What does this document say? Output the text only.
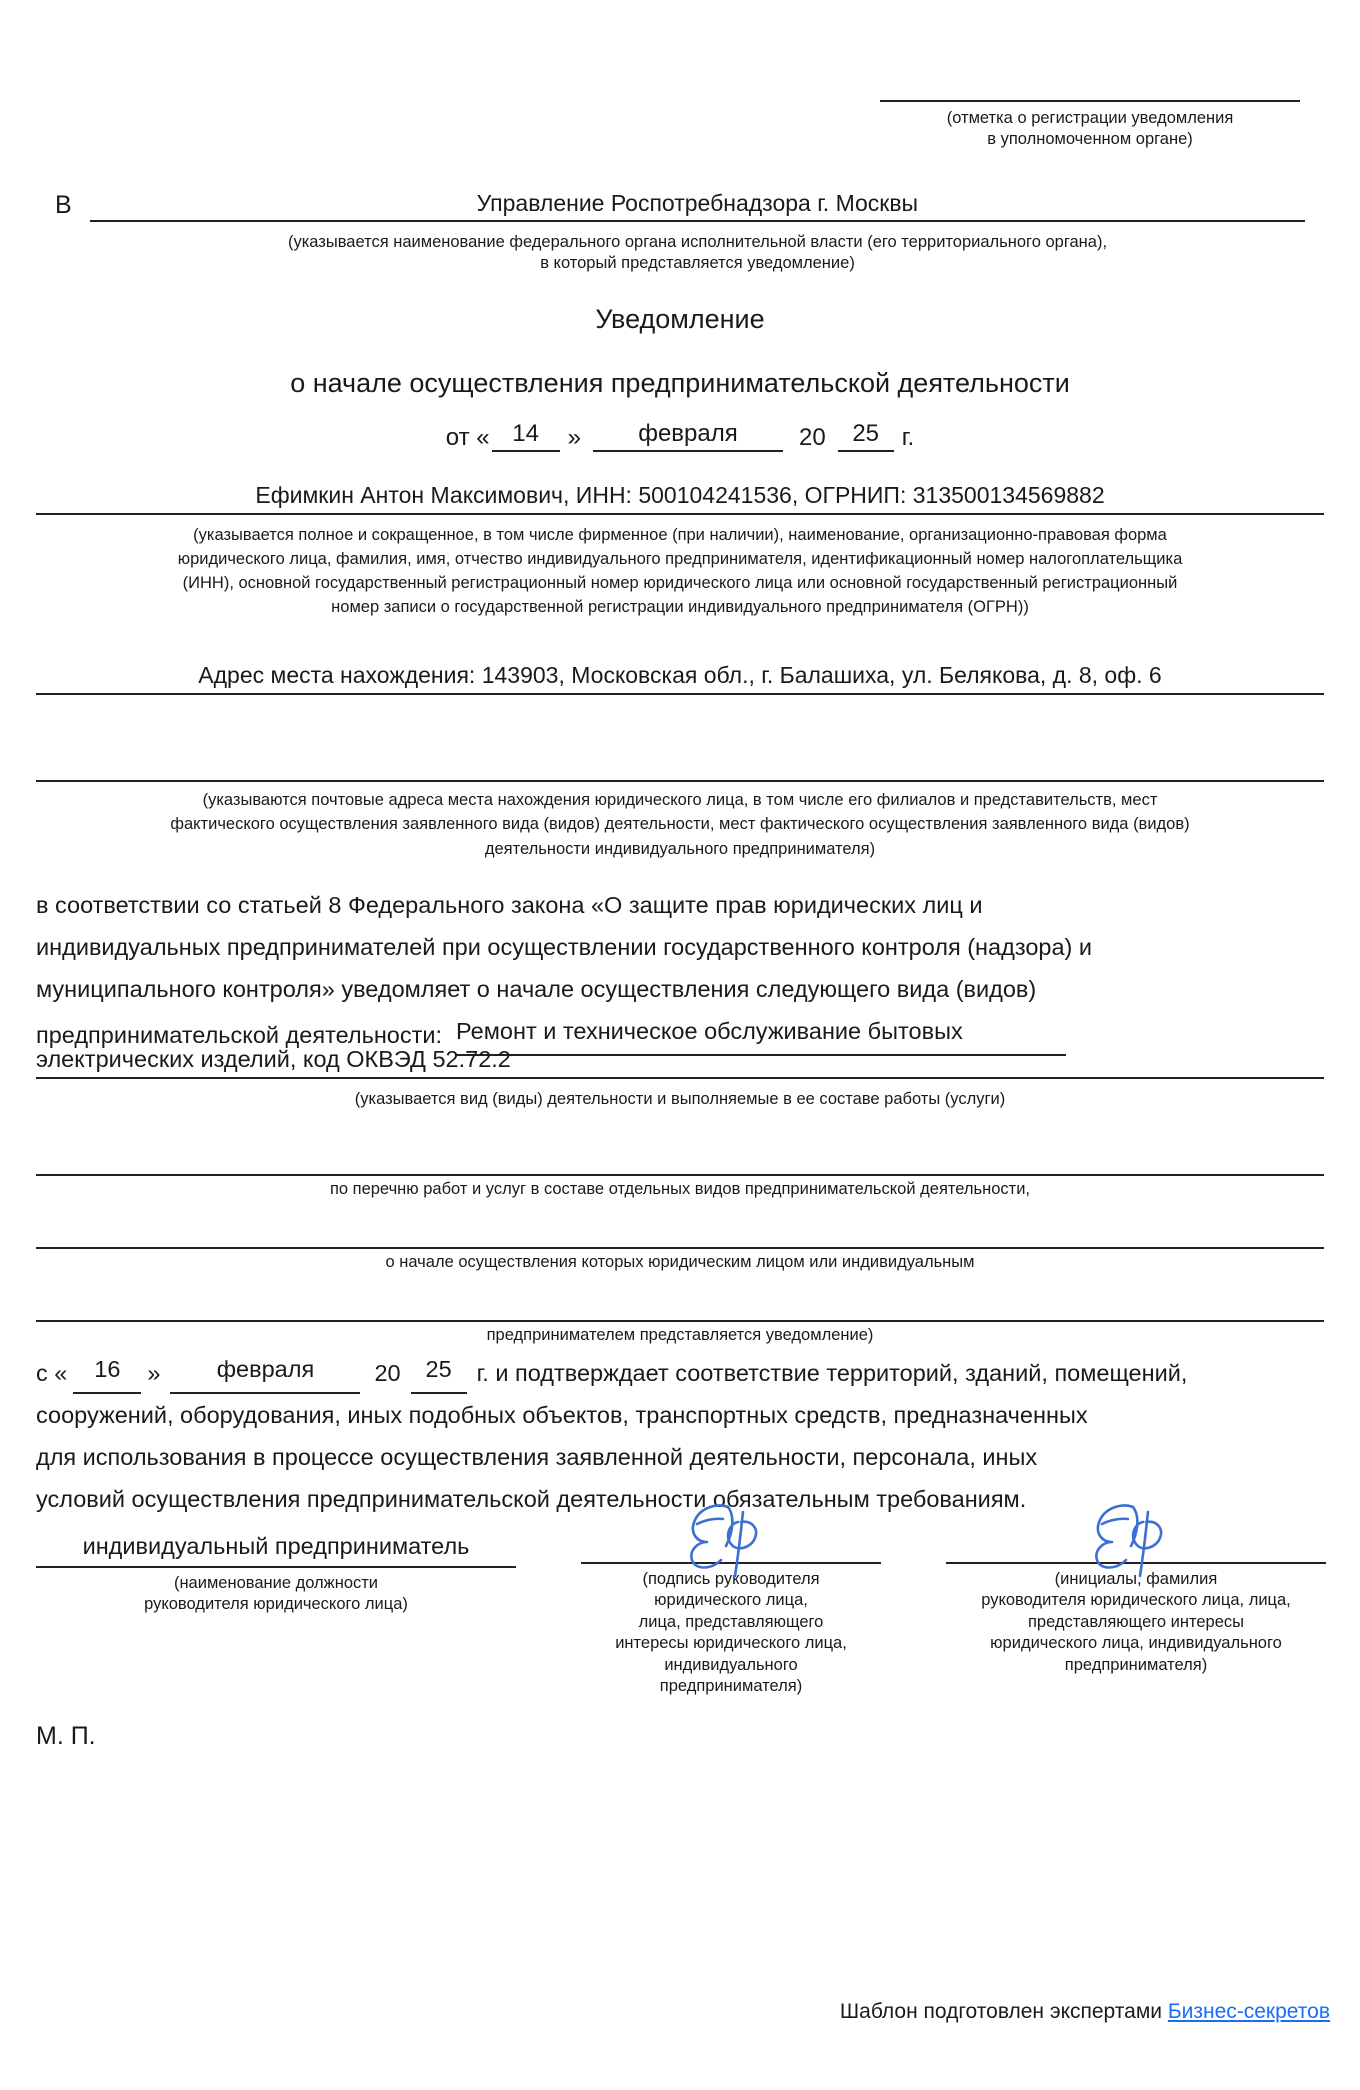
(отметка о регистрации уведомления
в уполномоченном органе)
В	Управление Роспотребнадзора г. Москвы
(указывается наименование федерального органа исполнительной власти (его территориального органа),
в который представляется уведомление)
Уведомление
о начале осуществления предпринимательской деятельности
от « 14	»	февраля	20	25 г.
Ефимкин Антон Максимович, ИНН: 500104241536, ОГРНИП: 313500134569882
(указывается полное и сокращенное, в том числе фирменное (при наличии), наименование, организационно-правовая форма
юридического лица, фамилия, имя, отчество индивидуального предпринимателя, идентификационный номер налогоплательщика
(ИНН), основной государственный регистрационный номер юридического лица или основной государственный регистрационный
номер записи о государственной регистрации индивидуального предпринимателя (ОГРН))
Адрес места нахождения: 143903, Московская обл., г. Балашиха, ул. Белякова, д. 8, оф. 6
(указываются почтовые адреса места нахождения юридического лица, в том числе его филиалов и представительств, мест
фактического осуществления заявленного вида (видов) деятельности, мест фактического осуществления заявленного вида (видов)
деятельности индивидуального предпринимателя)

в соответствии со статьей 8 Федерального закона «О защите прав юридических лиц и

индивидуальных предпринимателей при осуществлении государственного контроля (надзора) и

муниципального контроля» уведомляет о начале осуществления следующего вида (видов)

предпринимательской деятельности: Ремонт и техническое обслуживание бытовых

электрических изделий, код ОКВЭД 52.72.2
(указывается вид (виды) деятельности и выполняемые в ее составе работы (услуги)
по перечню работ и услуг в составе отдельных видов предпринимательской деятельности,
о начале осуществления которых юридическим лицом или индивидуальным
предпринимателем представляется уведомление)
с «	16	»	февраля	20	25	г. и подтверждает соответствие территорий, зданий, помещений,

сооружений, оборудования, иных подобных объектов, транспортных средств, предназначенных

для использования в процессе осуществления заявленной деятельности, персонала, иных

условий осуществления предпринимательской деятельности обязательным требованиям.

индивидуальный предприниматель
(наименование должности
руководителя юридического лица)
(подпись руководителя
юридического лица,
лица, представляющего
интересы юридического лица,
индивидуального
предпринимателя)
(инициалы, фамилия
руководителя юридического лица, лица,
представляющего интересы
юридического лица, индивидуального
предпринимателя)
М. П.
Шаблон подготовлен экспертами Бизнес-секретов
